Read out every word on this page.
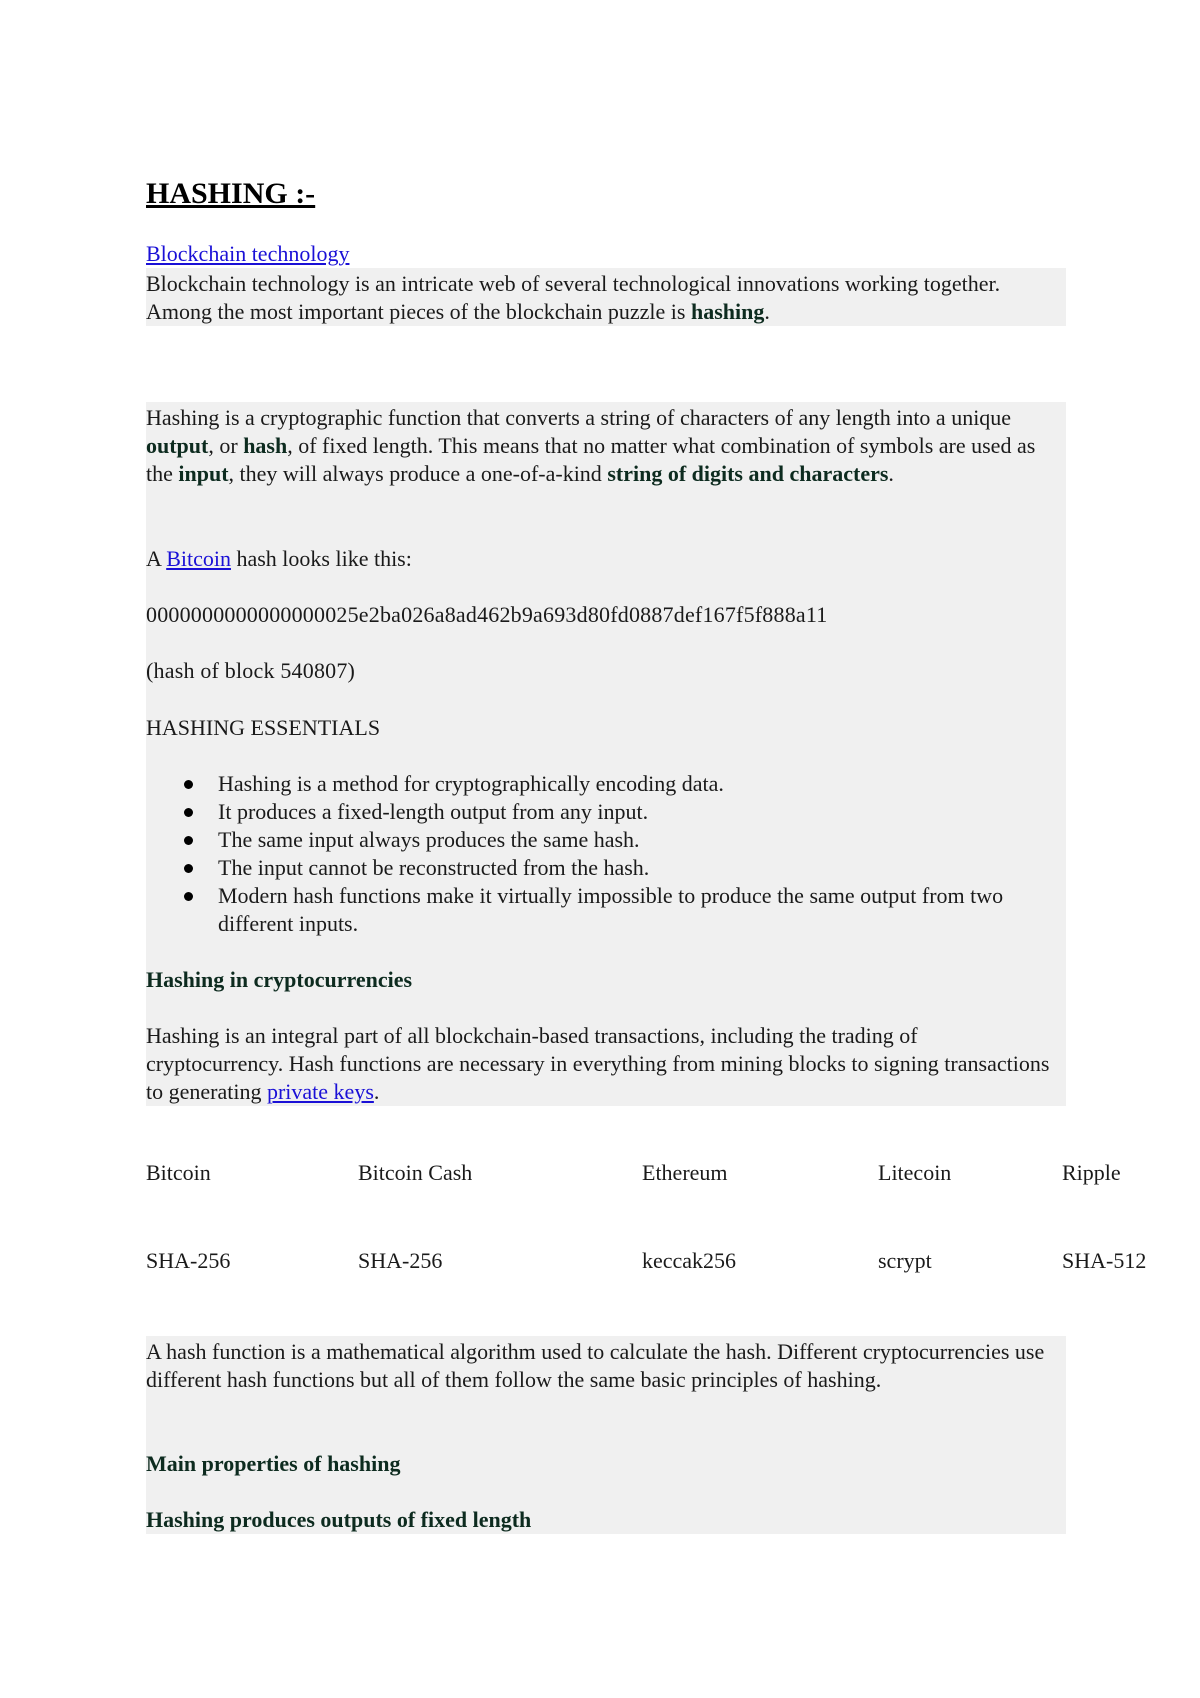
HASHING :-
Blockchain technology

Blockchain technology is an intricate web of several technological innovations working together. Among the most important pieces of the blockchain puzzle is hashing.

Hashing is a cryptographic function that converts a string of characters of any length into a unique output, or hash, of fixed length. This means that no matter what combination of symbols are used as the input, they will always produce a one-of-a-kind string of digits and characters.

A Bitcoin hash looks like this:

0000000000000000025e2ba026a8ad462b9a693d80fd0887def167f5f888a11
(hash of block 540807)
HASHING ESSENTIALS
Hashing is a method for cryptographically encoding data.
It produces a fixed-length output from any input.
The same input always produces the same hash.
The input cannot be reconstructed from the hash.
Modern hash functions make it virtually impossible to produce the same output from two different inputs.
Hashing in cryptocurrencies

Hashing is an integral part of all blockchain-based transactions, including the trading of cryptocurrency. Hash functions are necessary in everything from mining blocks to signing transactions to generating private keys.

Bitcoin	Bitcoin Cash	Ethereum	Litecoin	Ripple
SHA-256	SHA-256	keccak256	scrypt	SHA-512

A hash function is a mathematical algorithm used to calculate the hash. Different cryptocurrencies use different hash functions but all of them follow the same basic principles of hashing.

Main properties of hashing
Hashing produces outputs of fixed length
